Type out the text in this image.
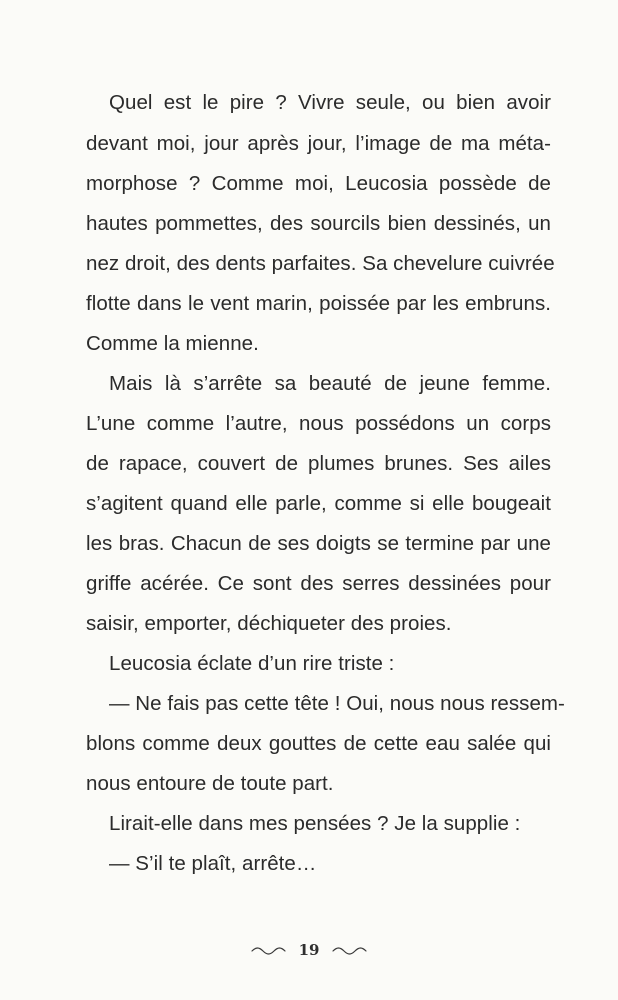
Quel est le pire ? Vivre seule, ou bien avoir
devant moi, jour après jour, l’image de ma méta-
morphose ? Comme moi, Leucosia possède de
hautes pommettes, des sourcils bien dessinés, un
nez droit, des dents parfaites. Sa chevelure cuivrée
flotte dans le vent marin, poissée par les embruns.
Comme la mienne.
Mais là s’arrête sa beauté de jeune femme.
L’une comme l’autre, nous possédons un corps
de rapace, couvert de plumes brunes. Ses ailes
s’agitent quand elle parle, comme si elle bougeait
les bras. Chacun de ses doigts se termine par une
griffe acérée. Ce sont des serres dessinées pour
saisir, emporter, déchiqueter des proies.
Leucosia éclate d’un rire triste :
— Ne fais pas cette tête ! Oui, nous nous ressem-
blons comme deux gouttes de cette eau salée qui
nous entoure de toute part.
Lirait-elle dans mes pensées ? Je la supplie :
— S’il te plaît, arrête…
19
